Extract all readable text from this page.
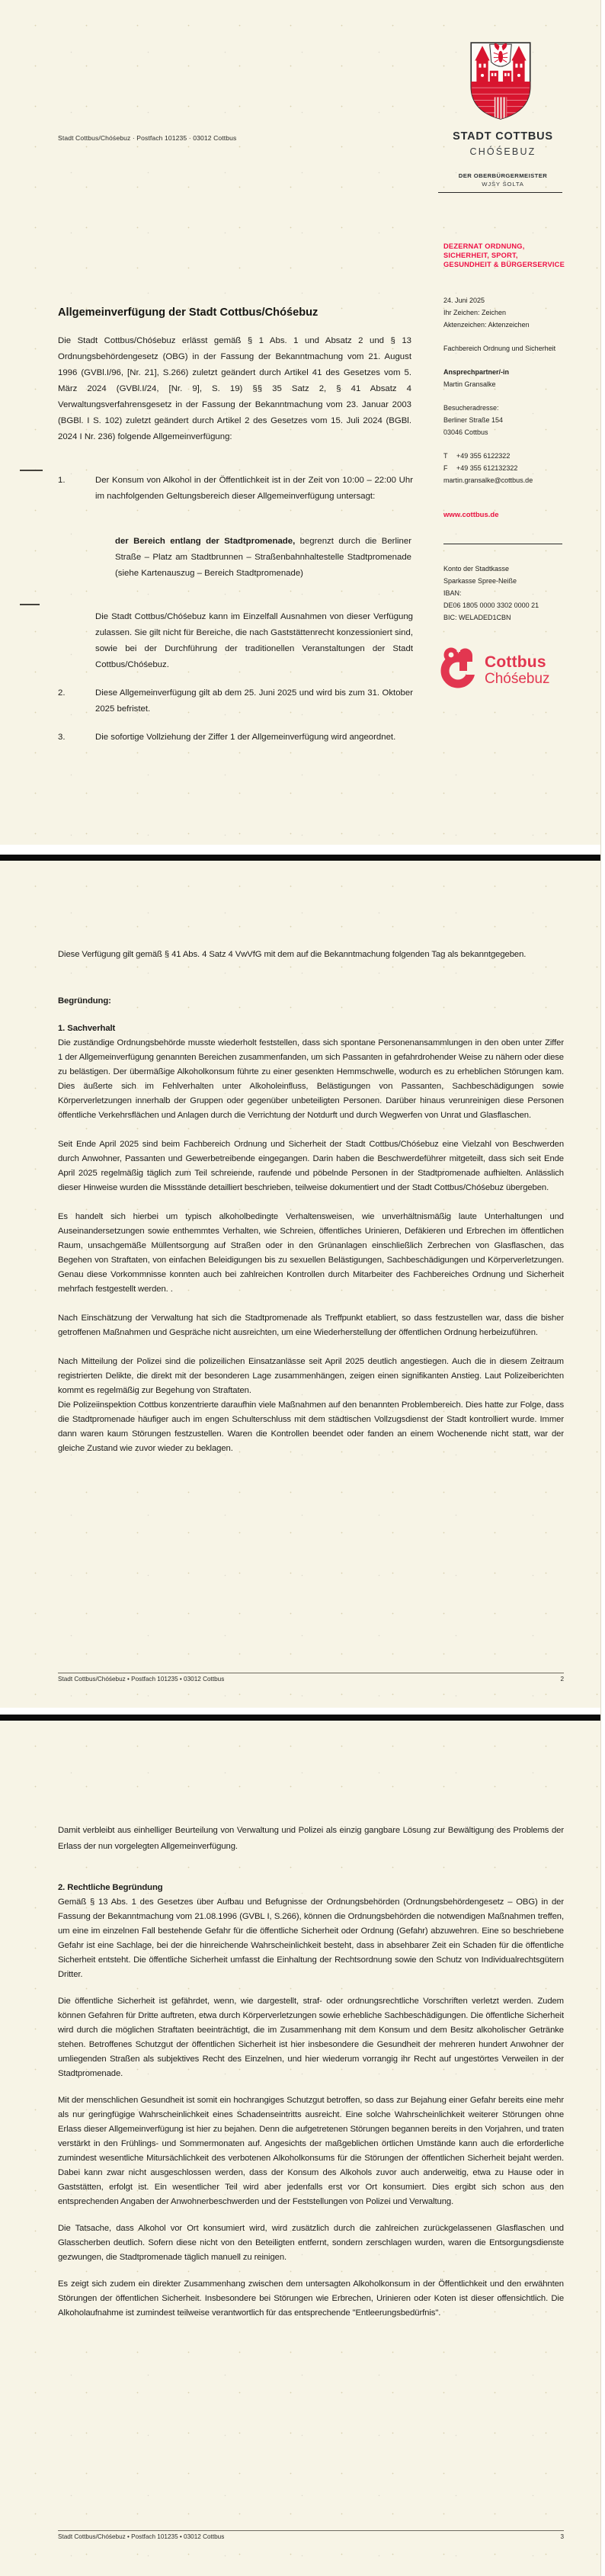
Stadt Cottbus/Chóśebuz · Postfach 101235 · 03012 Cottbus	STADT COTTBUS
CHÓŚEBUZ
DER OBERBÜRGERMEISTER
WJŠY ŠOLTA
DEZERNAT ORDNUNG,
SICHERHEIT, SPORT,
GESUNDHEIT & BÜRGERSERVICE
24. Juni 2025
Ihr Zeichen: Zeichen
Aktenzeichen: Aktenzeichen
Fachbereich Ordnung und Sicherheit
Ansprechpartner/-in
Martin Gransalke
Besucheradresse:
Berliner Straße 154
03046 Cottbus
T	+49 355 6122322
F	+49 355 612132322
martin.gransalke@cottbus.de
www.cottbus.de
Konto der Stadtkasse
Sparkasse Spree-Neiße
IBAN:
DE06 1805 0000 3302 0000 21
BIC: WELADED1CBN
Cottbus
Chóśebuz
Allgemeinverfügung der Stadt Cottbus/Chóśebuz
Die Stadt Cottbus/Chóśebuz erlässt gemäß § 1 Abs. 1 und Absatz 2 und § 13 Ordnungsbehördengesetz (OBG) in der Fassung der Bekanntmachung vom 21. August 1996 (GVBl.I/96, [Nr. 21], S.266) zuletzt geändert durch Artikel 41 des Gesetzes vom 5. März 2024 (GVBl.I/24, [Nr. 9], S. 19) §§ 35 Satz 2, § 41 Absatz 4 Verwaltungsverfahrensgesetz in der Fassung der Bekanntmachung vom 23. Januar 2003 (BGBl. I S. 102) zuletzt geändert durch Artikel 2 des Gesetzes vom 15. Juli 2024 (BGBl. 2024 I Nr. 236) folgende Allgemeinverfügung:
1.	Der Konsum von Alkohol in der Öffentlichkeit ist in der Zeit von 10:00 – 22:00 Uhr im nachfolgenden Geltungsbereich dieser Allgemeinverfügung untersagt:

der Bereich entlang der Stadtpromenade, begrenzt durch die Berliner Straße – Platz am Stadtbrunnen – Straßenbahnhaltestelle Stadtpromenade (siehe Kartenauszug – Bereich Stadtpromenade)
Die Stadt Cottbus/Chóśebuz kann im Einzelfall Ausnahmen von dieser Verfügung zulassen. Sie gilt nicht für Bereiche, die nach Gaststättenrecht konzessioniert sind, sowie bei der Durchführung der traditionellen Veranstaltungen der Stadt Cottbus/Chóśebuz.
2.	Diese Allgemeinverfügung gilt ab dem 25. Juni 2025 und wird bis zum 31. Oktober 2025 befristet.

3.	Die sofortige Vollziehung der Ziffer 1 der Allgemeinverfügung wird angeordnet.

Diese Verfügung gilt gemäß § 41 Abs. 4 Satz 4 VwVfG mit dem auf die Bekanntmachung folgenden Tag als bekanntgegeben.

Begründung:
1. Sachverhalt

Die zuständige Ordnungsbehörde musste wiederholt feststellen, dass sich spontane Personenansammlungen in den oben unter Ziffer 1 der Allgemeinverfügung genannten Bereichen zusammenfanden, um sich Passanten in gefahrdrohender Weise zu nähern oder diese zu belästigen. Der übermäßige Alkoholkonsum führte zu einer gesenkten Hemmschwelle, wodurch es zu erheblichen Störungen kam. Dies äußerte sich im Fehlverhalten unter Alkoholeinfluss, Belästigungen von Passanten, Sachbeschädigungen sowie Körperverletzungen innerhalb der Gruppen oder gegenüber unbeteiligten Personen. Darüber hinaus verunreinigen diese Personen öffentliche Verkehrsflächen und Anlagen durch die Verrichtung der Notdurft und durch Wegwerfen von Unrat und Glasflaschen.

Seit Ende April 2025 sind beim Fachbereich Ordnung und Sicherheit der Stadt Cottbus/Chóśebuz eine Vielzahl von Beschwerden durch Anwohner, Passanten und Gewerbetreibende eingegangen. Darin haben die Beschwerdeführer mitgeteilt, dass sich seit Ende April 2025 regelmäßig täglich zum Teil schreiende, raufende und pöbelnde Personen in der Stadtpromenade aufhielten. Anlässlich dieser Hinweise wurden die Missstände detailliert beschrieben, teilweise dokumentiert und der Stadt Cottbus/Chóśebuz übergeben.

Es handelt sich hierbei um typisch alkoholbedingte Verhaltensweisen, wie unverhältnismäßig laute Unterhaltungen und Auseinandersetzungen sowie enthemmtes Verhalten, wie Schreien, öffentliches Urinieren, Defäkieren und Erbrechen im öffentlichen Raum, unsachgemäße Müllentsorgung auf Straßen oder in den Grünanlagen einschließlich Zerbrechen von Glasflaschen, das Begehen von Straftaten, von einfachen Beleidigungen bis zu sexuellen Belästigungen, Sachbeschädigungen und Körperverletzungen. Genau diese Vorkommnisse konnten auch bei zahlreichen Kontrollen durch Mitarbeiter des Fachbereiches Ordnung und Sicherheit mehrfach festgestellt werden. .

Nach Einschätzung der Verwaltung hat sich die Stadtpromenade als Treffpunkt etabliert, so dass festzustellen war, dass die bisher getroffenen Maßnahmen und Gespräche nicht ausreichten, um eine Wiederherstellung der öffentlichen Ordnung herbeizuführen.

Nach Mitteilung der Polizei sind die polizeilichen Einsatzanlässe seit April 2025 deutlich angestiegen. Auch die in diesem Zeitraum registrierten Delikte, die direkt mit der besonderen Lage zusammenhängen, zeigen einen signifikanten Anstieg. Laut Polizeiberichten kommt es regelmäßig zur Begehung von Straftaten.

Die Polizeiinspektion Cottbus konzentrierte daraufhin viele Maßnahmen auf den benannten Problembereich. Dies hatte zur Folge, dass die Stadtpromenade häufiger auch im engen Schulterschluss mit dem städtischen Vollzugsdienst der Stadt kontrolliert wurde. Immer dann waren kaum Störungen festzustellen. Waren die Kontrollen beendet oder fanden an einem Wochenende nicht statt, war der gleiche Zustand wie zuvor wieder zu beklagen.

Stadt Cottbus/Chóśebuz • Postfach 101235 • 03012 Cottbus	2

Damit verbleibt aus einhelliger Beurteilung von Verwaltung und Polizei als einzig gangbare Lösung zur Bewältigung des Problems der Erlass der nun vorgelegten Allgemeinverfügung.

2. Rechtliche Begründung

Gemäß § 13 Abs. 1 des Gesetzes über Aufbau und Befugnisse der Ordnungsbehörden (Ordnungsbehördengesetz – OBG) in der Fassung der Bekanntmachung vom 21.08.1996 (GVBL I, S.266), können die Ordnungsbehörden die notwendigen Maßnahmen treffen, um eine im einzelnen Fall bestehende Gefahr für die öffentliche Sicherheit oder Ordnung (Gefahr) abzuwehren. Eine so beschriebene Gefahr ist eine Sachlage, bei der die hinreichende Wahrscheinlichkeit besteht, dass in absehbarer Zeit ein Schaden für die öffentliche Sicherheit entsteht. Die öffentliche Sicherheit umfasst die Einhaltung der Rechtsordnung sowie den Schutz von Individualrechtsgütern Dritter.

Die öffentliche Sicherheit ist gefährdet, wenn, wie dargestellt, straf- oder ordnungsrechtliche Vorschriften verletzt werden. Zudem können Gefahren für Dritte auftreten, etwa durch Körperverletzungen sowie erhebliche Sachbeschädigungen. Die öffentliche Sicherheit wird durch die möglichen Straftaten beeinträchtigt, die im Zusammenhang mit dem Konsum und dem Besitz alkoholischer Getränke stehen. Betroffenes Schutzgut der öffentlichen Sicherheit ist hier insbesondere die Gesundheit der mehreren hundert Anwohner der umliegenden Straßen als subjektives Recht des Einzelnen, und hier wiederum vorrangig ihr Recht auf ungestörtes Verweilen in der Stadtpromenade.

Mit der menschlichen Gesundheit ist somit ein hochrangiges Schutzgut betroffen, so dass zur Bejahung einer Gefahr bereits eine mehr als nur geringfügige Wahrscheinlichkeit eines Schadenseintritts ausreicht. Eine solche Wahrscheinlichkeit weiterer Störungen ohne Erlass dieser Allgemeinverfügung ist hier zu bejahen. Denn die aufgetretenen Störungen begannen bereits in den Vorjahren, und traten verstärkt in den Frühlings- und Sommermonaten auf. Angesichts der maßgeblichen örtlichen Umstände kann auch die erforderliche zumindest wesentliche Mitursächlichkeit des verbotenen Alkoholkonsums für die Störungen der öffentlichen Sicherheit bejaht werden. Dabei kann zwar nicht ausgeschlossen werden, dass der Konsum des Alkohols zuvor auch anderweitig, etwa zu Hause oder in Gaststätten, erfolgt ist. Ein wesentlicher Teil wird aber jedenfalls erst vor Ort konsumiert. Dies ergibt sich schon aus den entsprechenden Angaben der Anwohnerbeschwerden und der Feststellungen von Polizei und Verwaltung.

Die Tatsache, dass Alkohol vor Ort konsumiert wird, wird zusätzlich durch die zahlreichen zurückgelassenen Glasflaschen und Glasscherben deutlich. Sofern diese nicht von den Beteiligten entfernt, sondern zerschlagen wurden, waren die Entsorgungsdienste gezwungen, die Stadtpromenade täglich manuell zu reinigen.

Es zeigt sich zudem ein direkter Zusammenhang zwischen dem untersagten Alkoholkonsum in der Öffentlichkeit und den erwähnten Störungen der öffentlichen Sicherheit. Insbesondere bei Störungen wie Erbrechen, Urinieren oder Koten ist dieser offensichtlich. Die Alkoholaufnahme ist zumindest teilweise verantwortlich für das entsprechende "Entleerungsbedürfnis".

Stadt Cottbus/Chóśebuz • Postfach 101235 • 03012 Cottbus	3
